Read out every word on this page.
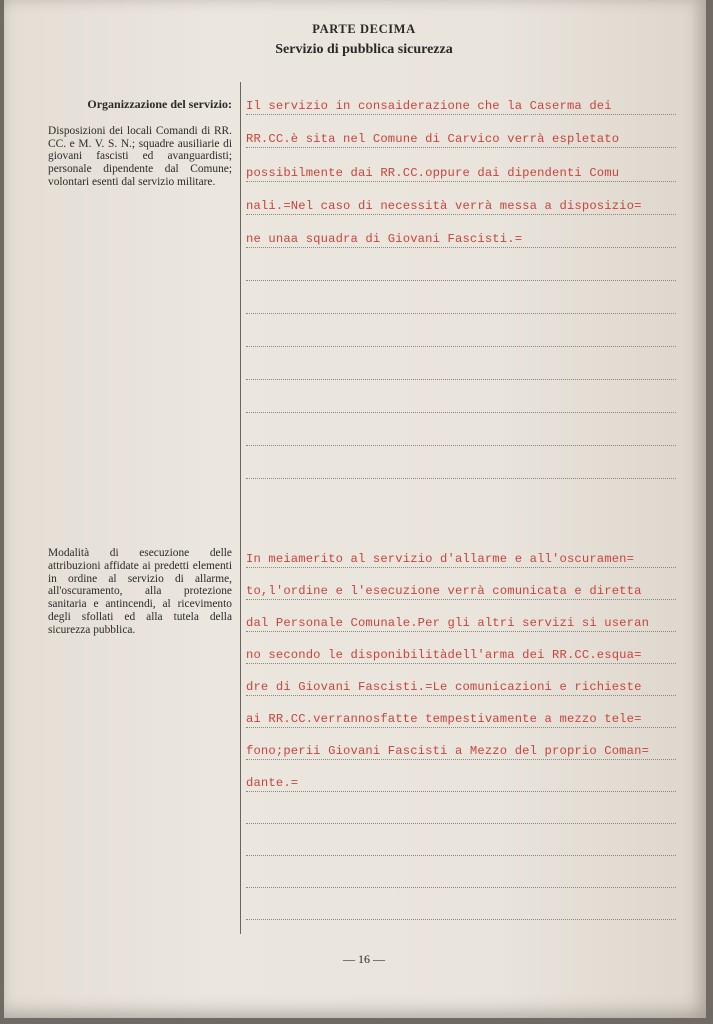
PARTE DECIMA
Servizio di pubblica sicurezza
Organizzazione del servizio:
Disposizioni dei locali Comandi di RR. CC. e M. V. S. N.; squadre ausiliarie di giovani fascisti ed avanguardisti; personale dipendente dal Comune; volontari esenti dal servizio militare.
Il servizio in consaiderazione che la Caserma dei
RR.CC.è sita nel Comune di Carvico verrà espletato
possibilmente dai RR.CC.oppure dai dipendenti Comu
nali.=Nel caso di necessità verrà messa a disposizio=
ne unaa squadra di Giovani Fascisti.=
Modalità di esecuzione delle attribuzioni affidate ai predetti elementi in ordine al servizio di allarme, all'oscuramento, alla protezione sanitaria e antincendi, al ricevimento degli sfollati ed alla tutela della sicurezza pubblica.
In meiamerito al servizio d'allarme e all'oscuramen=
to,l'ordine e l'esecuzione verrà comunicata e diretta
dal Personale Comunale.Per gli altri servizi si useran
no secondo le disponibilitàdell'arma dei RR.CC.esqua=
dre di Giovani Fascisti.=Le comunicazioni e richieste
ai RR.CC.verrannosfatte tempestivamente a mezzo tele=
fono;perii Giovani Fascisti a Mezzo del proprio Coman=
dante.=
— 16 —
